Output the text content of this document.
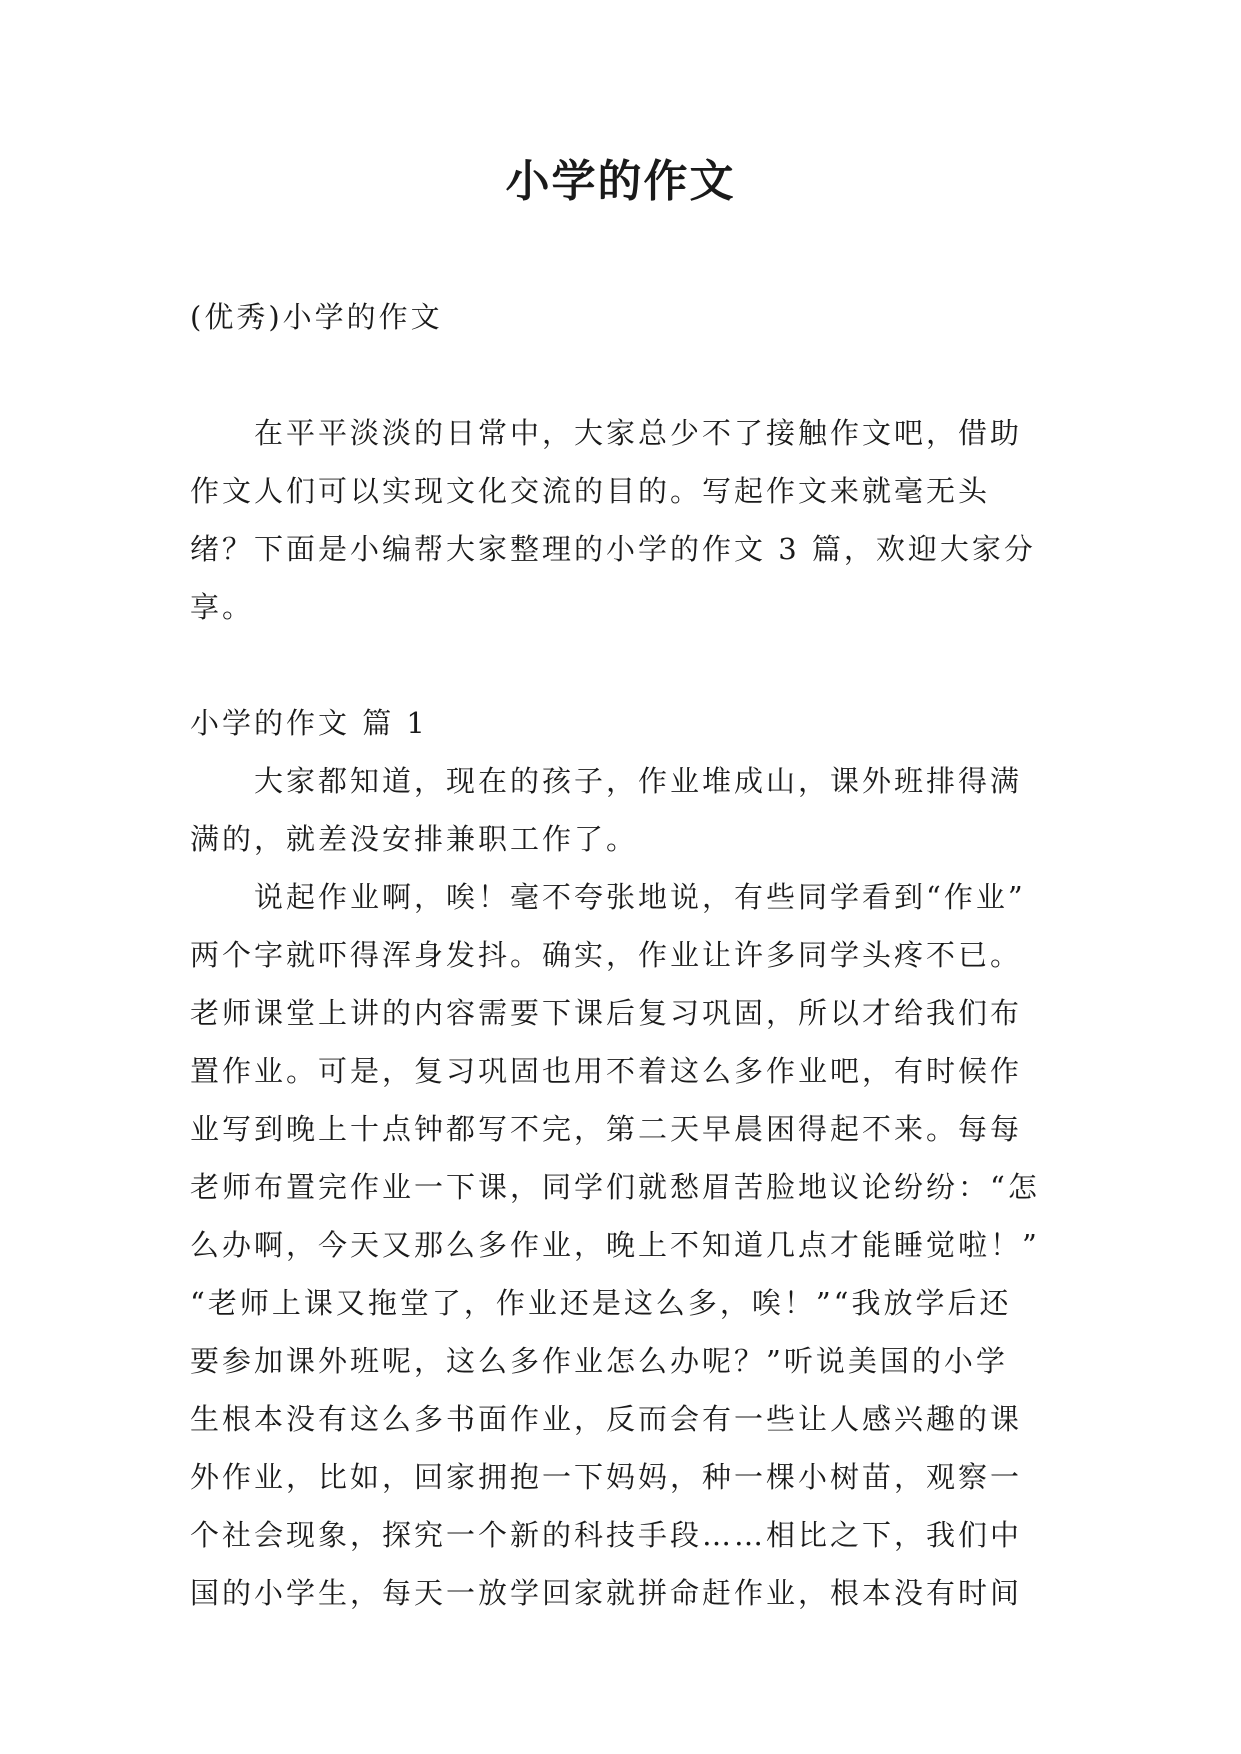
小学的作文

(优秀)小学的作文

在平平淡淡的日常中，大家总少不了接触作文吧，借助

作文人们可以实现文化交流的目的。写起作文来就毫无头

绪？下面是小编帮大家整理的小学的作文 3 篇，欢迎大家分

享。

小学的作文 篇 1

大家都知道，现在的孩子，作业堆成山，课外班排得满

满的，就差没安排兼职工作了。

说起作业啊，唉！毫不夸张地说，有些同学看到“作业”

两个字就吓得浑身发抖。确实，作业让许多同学头疼不已。

老师课堂上讲的内容需要下课后复习巩固，所以才给我们布

置作业。可是，复习巩固也用不着这么多作业吧，有时候作

业写到晚上十点钟都写不完，第二天早晨困得起不来。每每

老师布置完作业一下课，同学们就愁眉苦脸地议论纷纷：“怎

么办啊，今天又那么多作业，晚上不知道几点才能睡觉啦！”

“老师上课又拖堂了，作业还是这么多，唉！”“我放学后还

要参加课外班呢，这么多作业怎么办呢？”听说美国的小学

生根本没有这么多书面作业，反而会有一些让人感兴趣的课

外作业，比如，回家拥抱一下妈妈，种一棵小树苗，观察一

个社会现象，探究一个新的科技手段……相比之下，我们中

国的小学生，每天一放学回家就拼命赶作业，根本没有时间
